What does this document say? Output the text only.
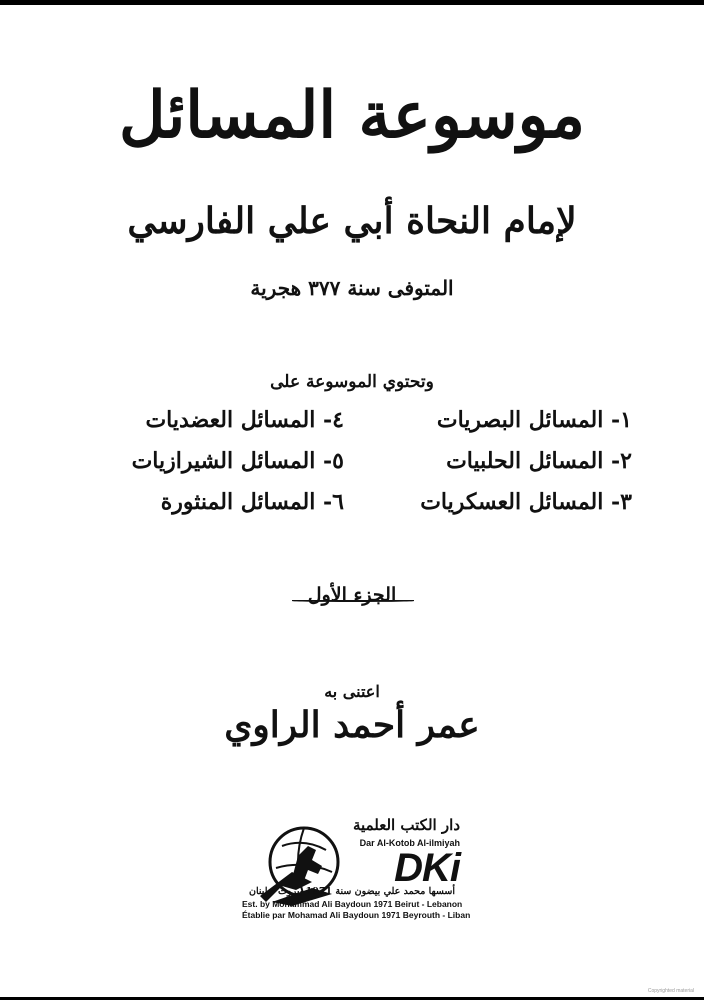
موسوعة المسائل
لإمام النحاة أبي علي الفارسي
المتوفى سنة ٣٧٧ هجرية
وتحتوي الموسوعة على
١- المسائل البصريات
٢- المسائل الحلبيات
٣- المسائل العسكريات
٤- المسائل العضديات
٥- المسائل الشيرازيات
٦- المسائل المنثورة
الجزء الأول
اعتنى به
عمر أحمد الراوي
دار الكتب العلمية
Dar Al-Kotob Al-ilmiyah
DKi
أسسها محمد علي بيضون سنة 1971 بيروت - لبنان
Est. by Mohammad Ali Baydoun 1971 Beirut - Lebanon
Établie par Mohamad Ali Baydoun 1971 Beyrouth - Liban
Copyrighted material
